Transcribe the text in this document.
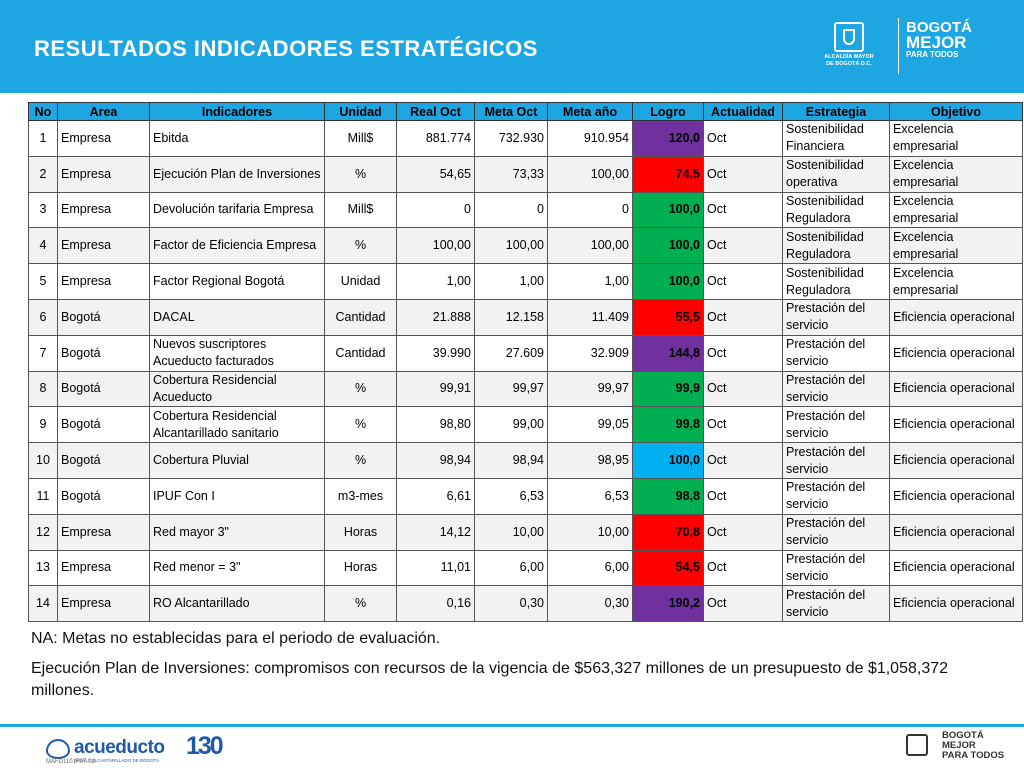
RESULTADOS INDICADORES ESTRATÉGICOS	ALCALDÍA MAYOR
DE BOGOTÁ D.C.
BOGOTÁ
MEJOR
PARA TODOS
No	Area	Indicadores	Unidad	Real Oct	Meta Oct	Meta año	Logro	Actualidad	Estrategia	Objetivo
1	Empresa	Ebitda	Mill$	881.774	732.930	910.954	120,0	Oct	Sostenibilidad Financiera	Excelencia empresarial
2	Empresa	Ejecución Plan de Inversiones	%	54,65	73,33	100,00	74,5	Oct	Sostenibilidad operativa	Excelencia empresarial
3	Empresa	Devolución tarifaria Empresa	Mill$	0	0	0	100,0	Oct	Sostenibilidad Reguladora	Excelencia empresarial
4	Empresa	Factor de Eficiencia Empresa	%	100,00	100,00	100,00	100,0	Oct	Sostenibilidad Reguladora	Excelencia empresarial
5	Empresa	Factor Regional Bogotá	Unidad	1,00	1,00	1,00	100,0	Oct	Sostenibilidad Reguladora	Excelencia empresarial
6	Bogotá	DACAL	Cantidad	21.888	12.158	11.409	55,5	Oct	Prestación del servicio	Eficiencia operacional
7	Bogotá	Nuevos suscriptores Acueducto facturados	Cantidad	39.990	27.609	32.909	144,8	Oct	Prestación del servicio	Eficiencia operacional
8	Bogotá	Cobertura Residencial Acueducto	%	99,91	99,97	99,97	99,9	Oct	Prestación del servicio	Eficiencia operacional
9	Bogotá	Cobertura Residencial Alcantarillado sanitario	%	98,80	99,00	99,05	99,8	Oct	Prestación del servicio	Eficiencia operacional
10	Bogotá	Cobertura Pluvial	%	98,94	98,94	98,95	100,0	Oct	Prestación del servicio	Eficiencia operacional
11	Bogotá	IPUF Con I	m3-mes	6,61	6,53	6,53	98,8	Oct	Prestación del servicio	Eficiencia operacional
12	Empresa	Red mayor 3"	Horas	14,12	10,00	10,00	70,8	Oct	Prestación del servicio	Eficiencia operacional
13	Empresa	Red menor = 3"	Horas	11,01	6,00	6,00	54,5	Oct	Prestación del servicio	Eficiencia operacional
14	Empresa	RO Alcantarillado	%	0,16	0,30	0,30	190,2	Oct	Prestación del servicio	Eficiencia operacional

NA: Metas no establecidas para el periodo de evaluación.

Ejecución Plan de Inversiones: compromisos con recursos de la vigencia de $563,327 millones de un presupuesto de $1,058,372 millones.

acueducto
AGUA Y ALCANTARILLADO DE BOGOTÁ
130
MAFD1101F07-02
BOGOTÁ
MEJOR
PARA TODOS
